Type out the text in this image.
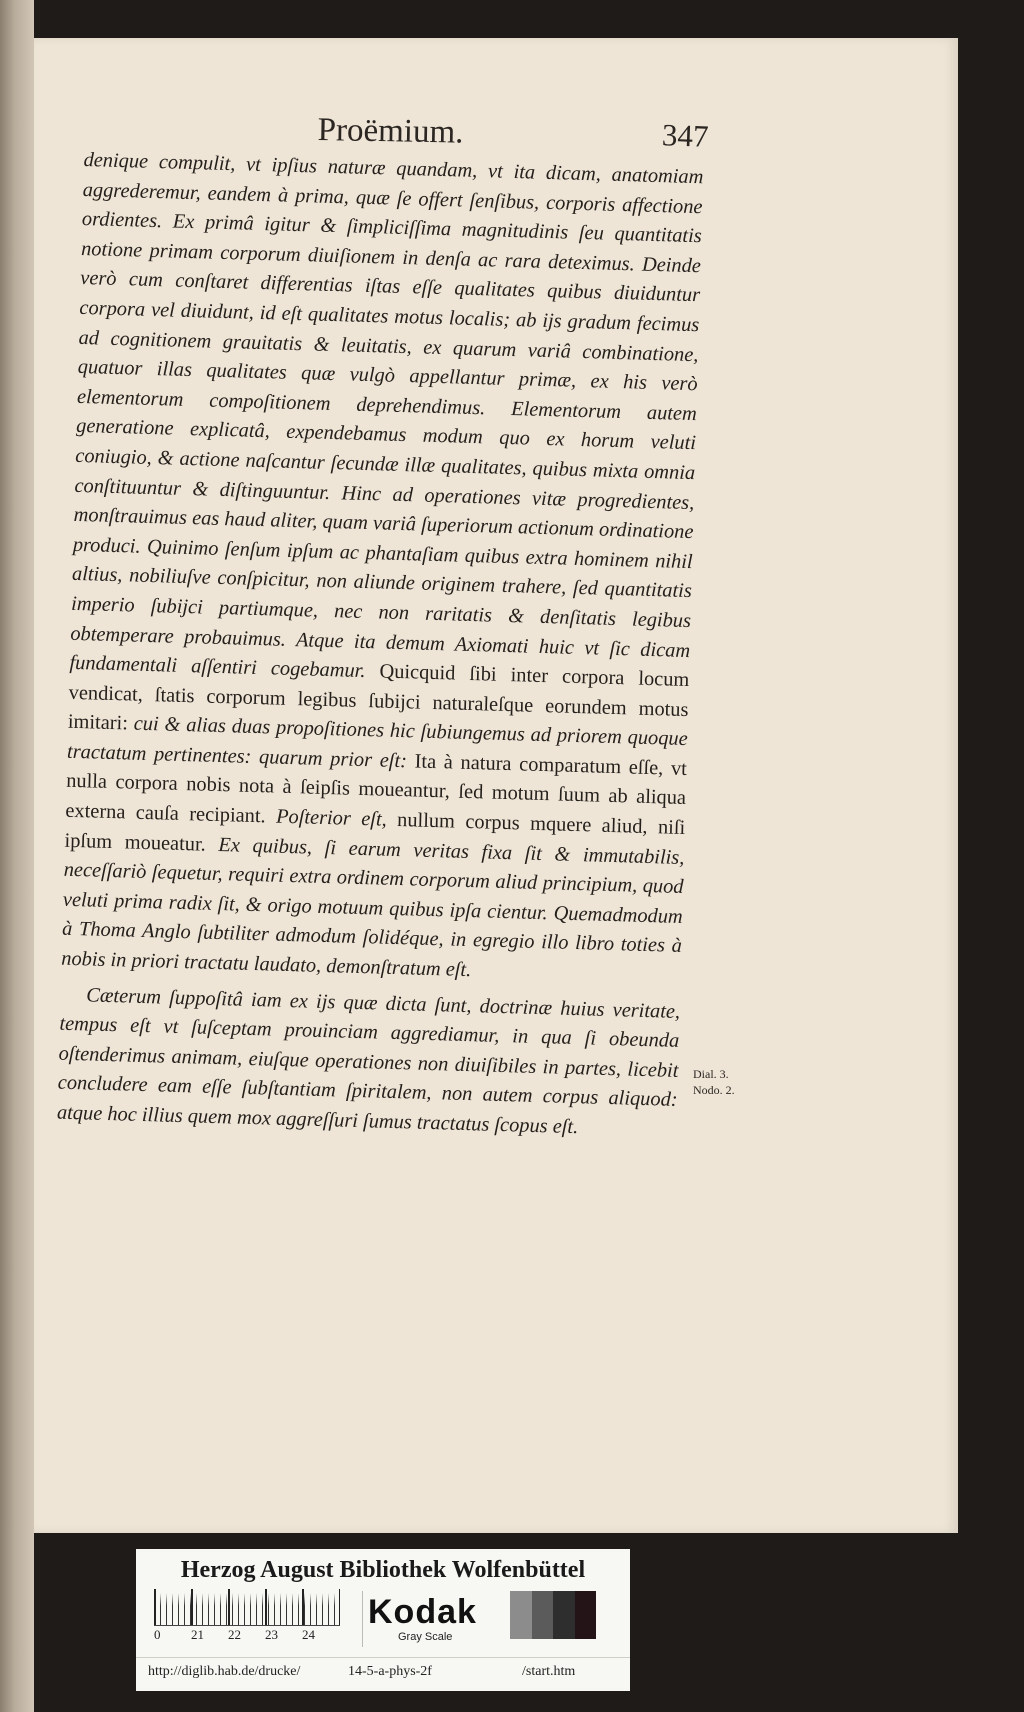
Proëmium.	347

denique compulit, vt ipſius naturæ quandam, vt ita dicam, anatomiam aggrederemur, eandem à prima, quæ ſe offert ſenſibus, corporis affectione ordientes. Ex primâ igitur & ſimpliciſſima magnitudinis ſeu quantitatis notione primam corporum diuiſionem in denſa ac rara deteximus. Deinde verò cum conſtaret differentias iſtas eſſe qualitates quibus diuiduntur corpora vel diuidunt, id eſt qualitates motus localis; ab ijs gradum fecimus ad cognitionem grauitatis & leuitatis, ex quarum variâ combinatione, quatuor illas qualitates quæ vulgò appellantur primæ, ex his verò elementorum compoſitionem deprehendimus. Elementorum autem generatione explicatâ, expendebamus modum quo ex horum veluti coniugio, & actione naſcantur ſecundæ illæ qualitates, quibus mixta omnia conſtituuntur & diſtinguuntur. Hinc ad operationes vitæ progredientes, monſtrauimus eas haud aliter, quam variâ ſuperiorum actionum ordinatione produci. Quinimo ſenſum ipſum ac phantaſiam quibus extra hominem nihil altius, nobiliuſve conſpicitur, non aliunde originem trahere, ſed quantitatis imperio ſubijci partiumque, nec non raritatis & denſitatis legibus obtemperare probauimus. Atque ita demum Axiomati huic vt ſic dicam fundamentali aſſentiri cogebamur. Quicquid ſibi inter corpora locum vendicat, ſtatis corporum legibus ſubijci naturaleſque eorundem motus imitari: cui & alias duas propoſitiones hic ſubiungemus ad priorem quoque tractatum pertinentes: quarum prior eſt: Ita à natura comparatum eſſe, vt nulla corpora nobis nota à ſeipſis moueantur, ſed motum ſuum ab aliqua externa cauſa recipiant. Poſterior eſt, nullum corpus mquere aliud, niſi ipſum moueatur. Ex quibus, ſi earum veritas fixa ſit & immutabilis, neceſſariò ſequetur, requiri extra ordinem corporum aliud principium, quod veluti prima radix ſit, & origo motuum quibus ipſa cientur. Quemadmodum à Thoma Anglo ſubtiliter admodum ſolidéque, in egregio illo libro toties à nobis in priori tractatu laudato, demonſtratum eſt.

Cæterum ſuppoſitâ iam ex ijs quæ dicta ſunt, doctrinæ huius veritate, tempus eſt vt ſuſceptam prouinciam aggrediamur, in qua ſi obeunda oſtenderimus animam, eiuſque operationes non diuiſibiles in partes, licebit concludere eam eſſe ſubſtantiam ſpiritalem, non autem corpus aliquod: atque hoc illius quem mox aggreſſuri ſumus tractatus ſcopus eſt.

Dial. 3.
Nodo. 2.
Herzog August Bibliothek Wolfenbüttel
0 21 22 23 24
Kodak
Gray Scale
http://diglib.hab.de/drucke/	14-5-a-phys-2f	/start.htm
